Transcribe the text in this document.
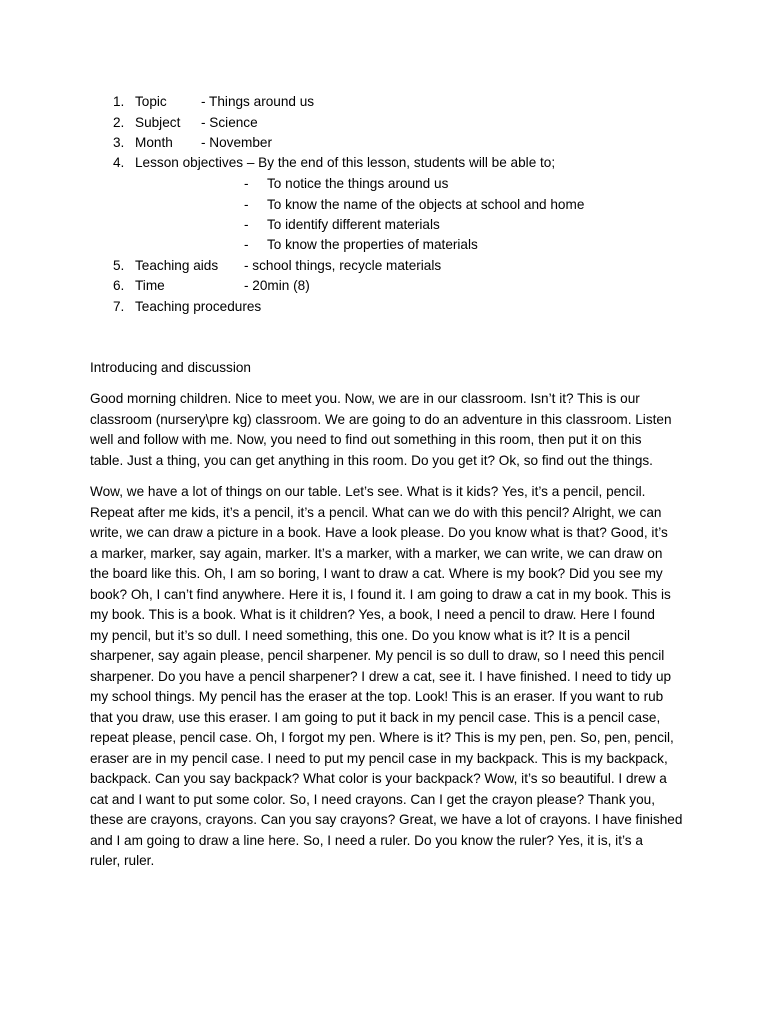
1. Topic	- Things around us
2. Subject - Science
3. Month - November
4. Lesson objectives – By the end of this lesson, students will be able to;
- To notice the things around us
- To know the name of the objects at school and home
- To identify different materials
- To know the properties of materials
5. Teaching aids - school things, recycle materials
6. Time	- 20min (8)
7. Teaching procedures
Introducing and discussion

Good morning children. Nice to meet you. Now, we are in our classroom. Isn’t it? This is our
classroom (nursery\pre kg) classroom. We are going to do an adventure in this classroom. Listen
well and follow with me. Now, you need to find out something in this room, then put it on this
table. Just a thing, you can get anything in this room. Do you get it? Ok, so find out the things.

Wow, we have a lot of things on our table. Let’s see. What is it kids? Yes, it’s a pencil, pencil.
Repeat after me kids, it’s a pencil, it’s a pencil. What can we do with this pencil? Alright, we can
write, we can draw a picture in a book. Have a look please. Do you know what is that? Good, it’s
a marker, marker, say again, marker. It’s a marker, with a marker, we can write, we can draw on
the board like this. Oh, I am so boring, I want to draw a cat. Where is my book? Did you see my
book? Oh, I can’t find anywhere. Here it is, I found it. I am going to draw a cat in my book. This is
my book. This is a book. What is it children? Yes, a book, I need a pencil to draw. Here I found
my pencil, but it’s so dull. I need something, this one. Do you know what is it? It is a pencil
sharpener, say again please, pencil sharpener. My pencil is so dull to draw, so I need this pencil
sharpener. Do you have a pencil sharpener? I drew a cat, see it. I have finished. I need to tidy up
my school things. My pencil has the eraser at the top. Look! This is an eraser. If you want to rub
that you draw, use this eraser. I am going to put it back in my pencil case. This is a pencil case,
repeat please, pencil case. Oh, I forgot my pen. Where is it? This is my pen, pen. So, pen, pencil,
eraser are in my pencil case. I need to put my pencil case in my backpack. This is my backpack,
backpack. Can you say backpack? What color is your backpack? Wow, it’s so beautiful. I drew a
cat and I want to put some color. So, I need crayons. Can I get the crayon please? Thank you,
these are crayons, crayons. Can you say crayons? Great, we have a lot of crayons. I have finished
and I am going to draw a line here. So, I need a ruler. Do you know the ruler? Yes, it is, it’s a
ruler, ruler.
